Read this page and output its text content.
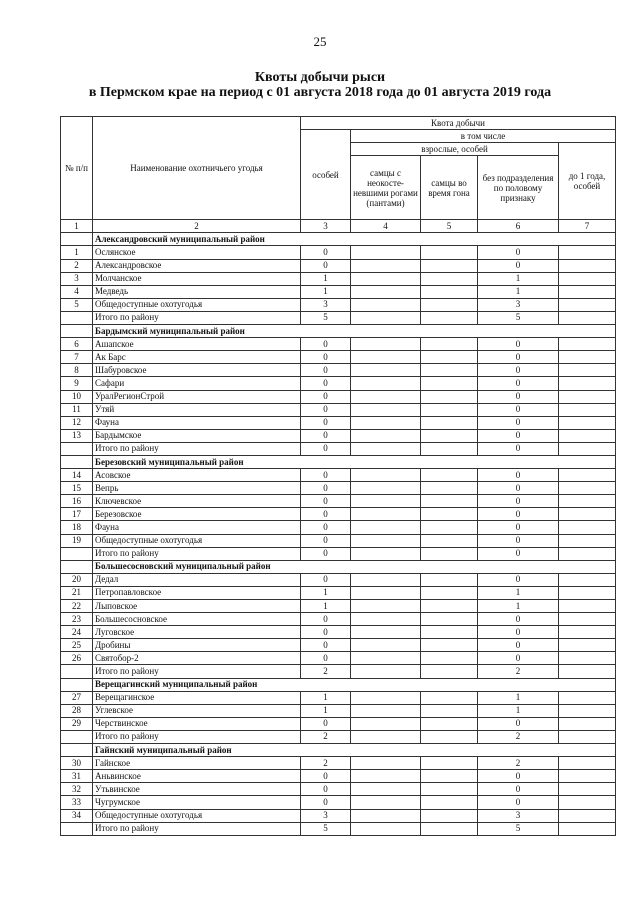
25
Квоты добычи рыси
в Пермском крае на период с 01 августа 2018 года до 01 августа 2019 года
№ п/п	Наименование охотничьего угодья	Квота добычи				
		особей	в том числе			
			взрослые, особей			до 1 года, особей
			самцы с неокосте-невшими рогами (пантами)	самцы во время гона	без подразделения по половому признаку	
1	2	3	4	5	6	7
	Александровский муниципальный район					
1	Ослянское	0			0	
2	Александровское	0			0	
3	Молчанское	1			1	
4	Медведь	1			1	
5	Общедоступные охотугодья	3			3	
	Итого по району	5			5	
	Бардымский муниципальный район					
6	Ашапское	0			0	
7	Ак Барс	0			0	
8	Шабуровское	0			0	
9	Сафари	0			0	
10	УралРегионСтрой	0			0	
11	Утяй	0			0	
12	Фауна	0			0	
13	Бардымское	0			0	
	Итого по району	0			0	
	Березовский муниципальный район					
14	Асовское	0			0	
15	Вепрь	0			0	
16	Ключевское	0			0	
17	Березовское	0			0	
18	Фауна	0			0	
19	Общедоступные охотугодья	0			0	
	Итого по району	0			0	
	Большесосновский муниципальный район					
20	Дедал	0			0	
21	Петропавловское	1			1	
22	Лыповское	1			1	
23	Большесосновское	0			0	
24	Луговское	0			0	
25	Дробины	0			0	
26	Святобор-2	0			0	
	Итого по району	2			2	
	Верещагинский муниципальный район					
27	Верещагинское	1			1	
28	Углевское	1			1	
29	Черствинское	0			0	
	Итого по району	2			2	
	Гайнский муниципальный район					
30	Гайнское	2			2	
31	Аньвинское	0			0	
32	Утьвинское	0			0	
33	Чугрумское	0			0	
34	Общедоступные охотугодья	3			3	
	Итого по району	5			5	
